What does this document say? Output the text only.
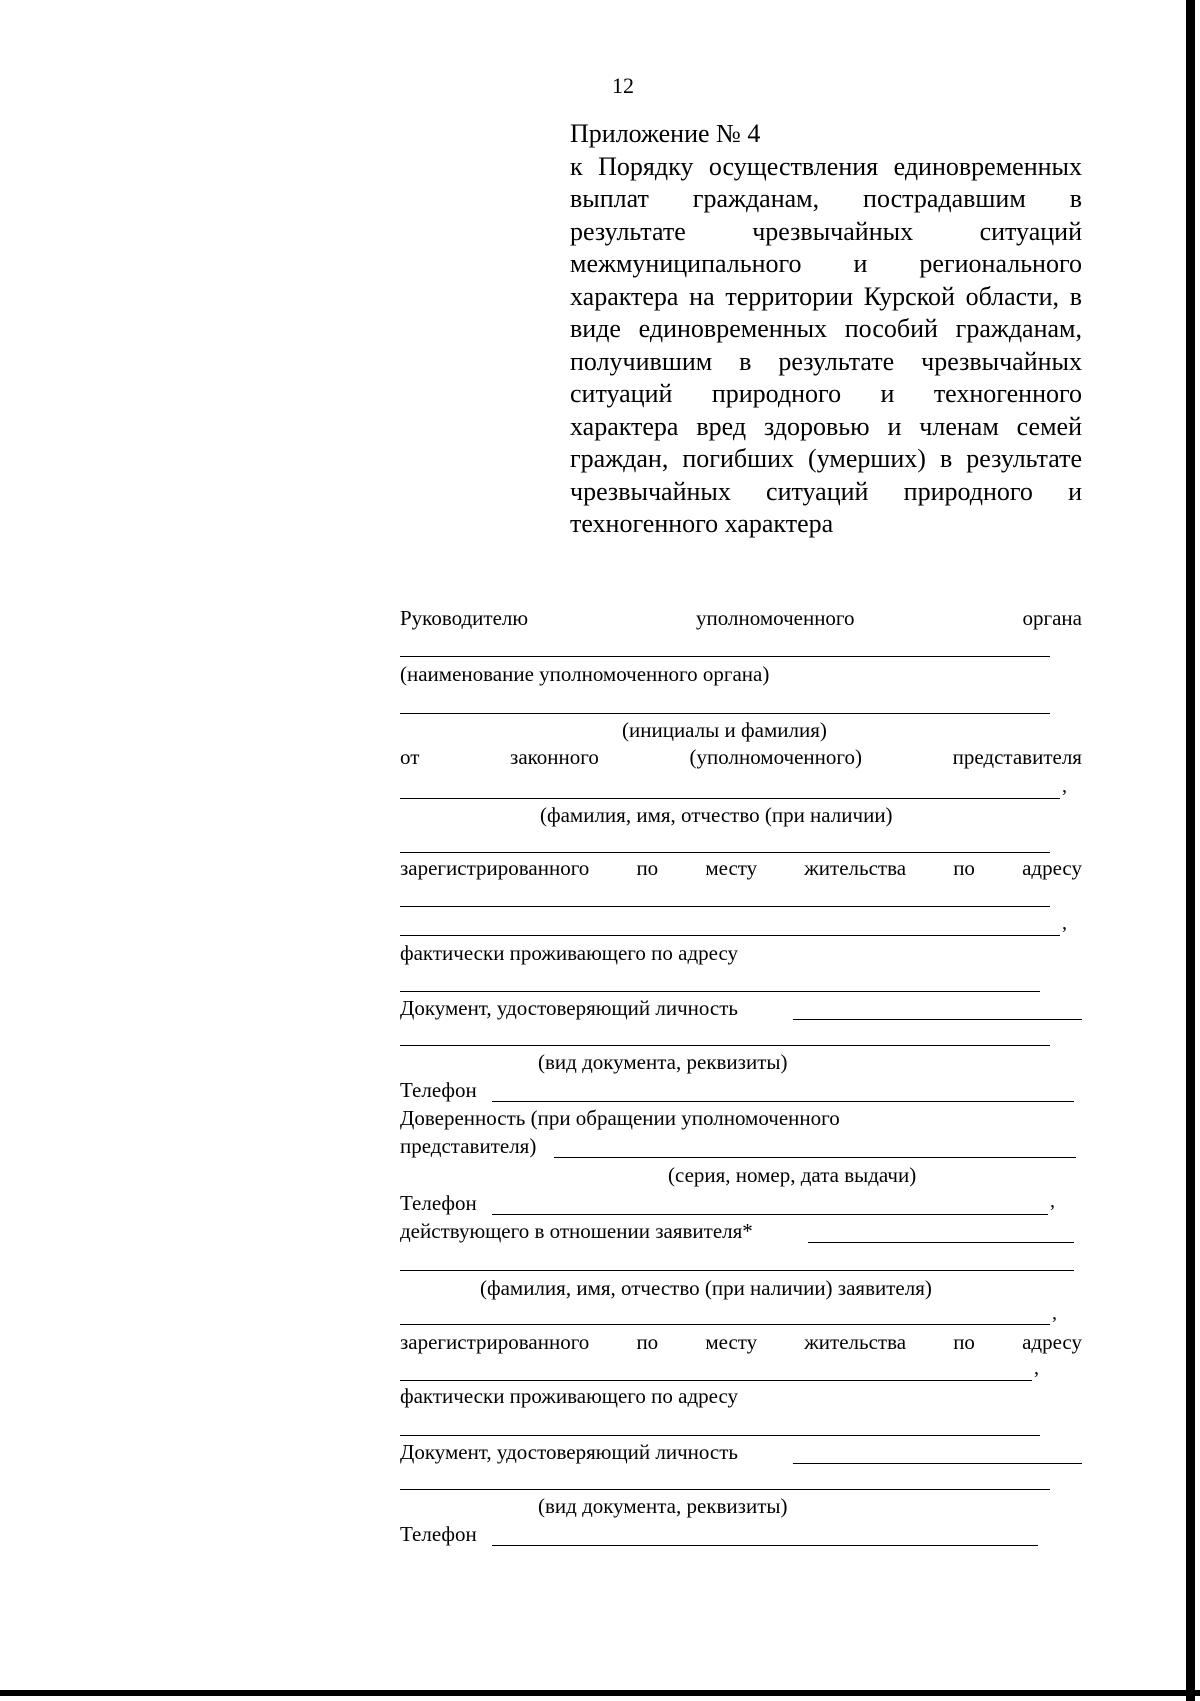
12
Приложение № 4
к Порядку осуществления единовременных выплат гражданам, пострадавшим в результате чрезвычайных ситуаций межмуниципального и регионального характера на территории Курской области, в виде единовременных пособий гражданам, получившим в результате чрезвычайных ситуаций природного и техногенного характера вред здоровью и членам семей граждан, погибших (умерших) в результате чрезвычайных ситуаций природного и техногенного характера
Руководителю	уполномоченного	органа
(наименование уполномоченного органа)
(инициалы и фамилия)
от	законного	(уполномоченного)	представителя
,
(фамилия, имя, отчество (при наличии)
зарегистрированного по месту жительства по адресу
,
фактически проживающего по адресу
Документ, удостоверяющий личность
(вид документа, реквизиты)
Телефон
Доверенность (при обращении уполномоченного
представителя)
(серия, номер, дата выдачи)
Телефон	,
действующего в отношении заявителя*
(фамилия, имя, отчество (при наличии) заявителя)
,
зарегистрированного по месту жительства по адресу
,
фактически проживающего по адресу
Документ, удостоверяющий личность
(вид документа, реквизиты)
Телефон
